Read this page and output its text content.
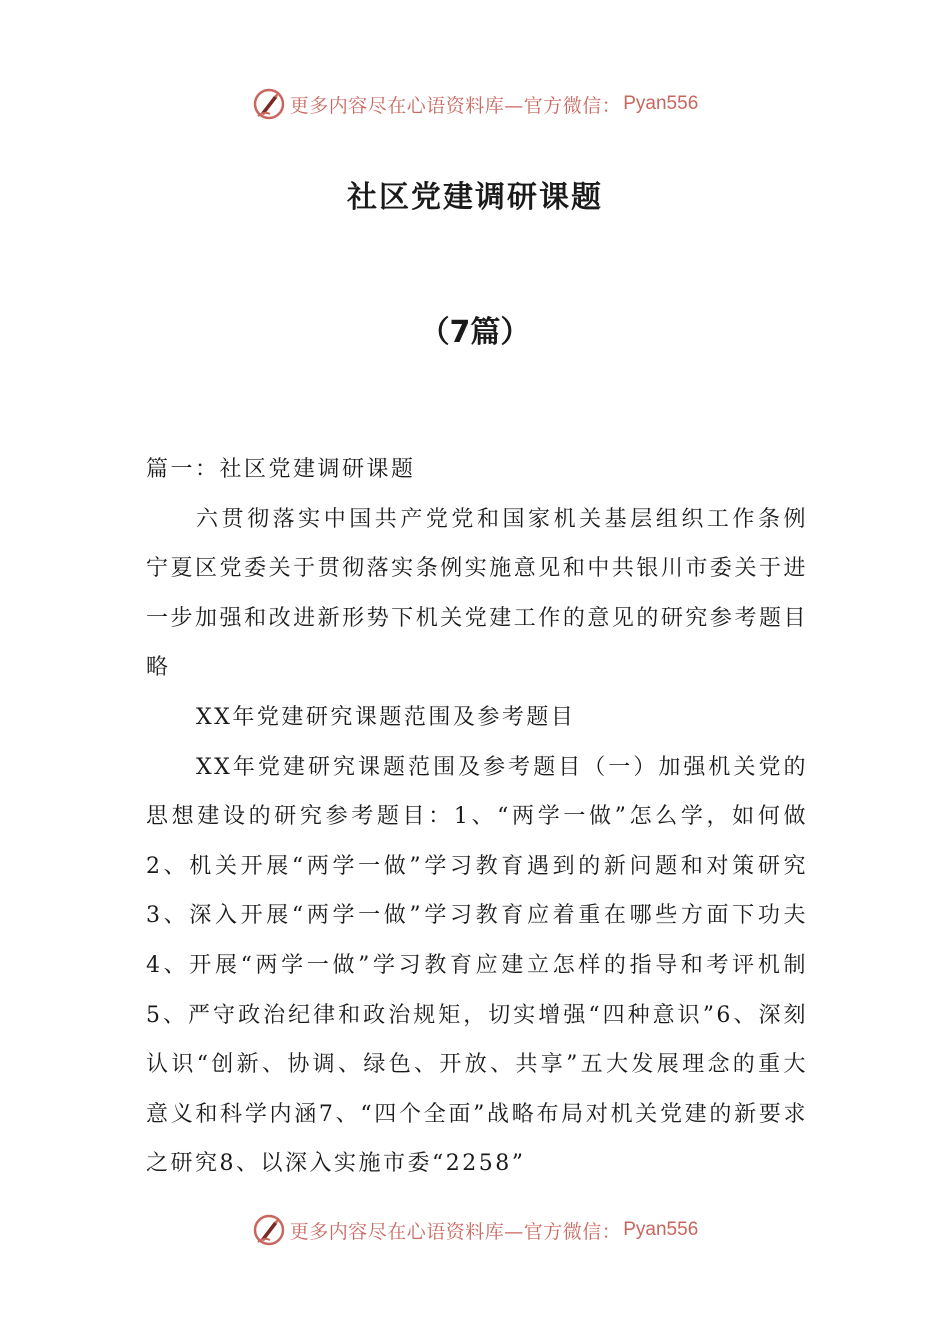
更多内容尽在心语资料库—官方微信： Pyan556
社区党建调研课题
（7篇）

篇一：社区党建调研课题

六贯彻落实中国共产党党和国家机关基层组织工作条例宁夏区党委关于贯彻落实条例实施意见和中共银川市委关于进一步加强和改进新形势下机关党建工作的意见的研究参考题目略

XX年党建研究课题范围及参考题目

XX年党建研究课题范围及参考题目（一）加强机关党的思想建设的研究参考题目：1、“两学一做”怎么学，如何做2、机关开展“两学一做”学习教育遇到的新问题和对策研究3、深入开展“两学一做”学习教育应着重在哪些方面下功夫4、开展“两学一做”学习教育应建立怎样的指导和考评机制5、严守政治纪律和政治规矩，切实增强“四种意识”6、深刻认识“创新、协调、绿色、开放、共享”五大发展理念的重大意义和科学内涵7、“四个全面”战略布局对机关党建的新要求之研究8、以深入实施市委“2258”

更多内容尽在心语资料库—官方微信： Pyan556
